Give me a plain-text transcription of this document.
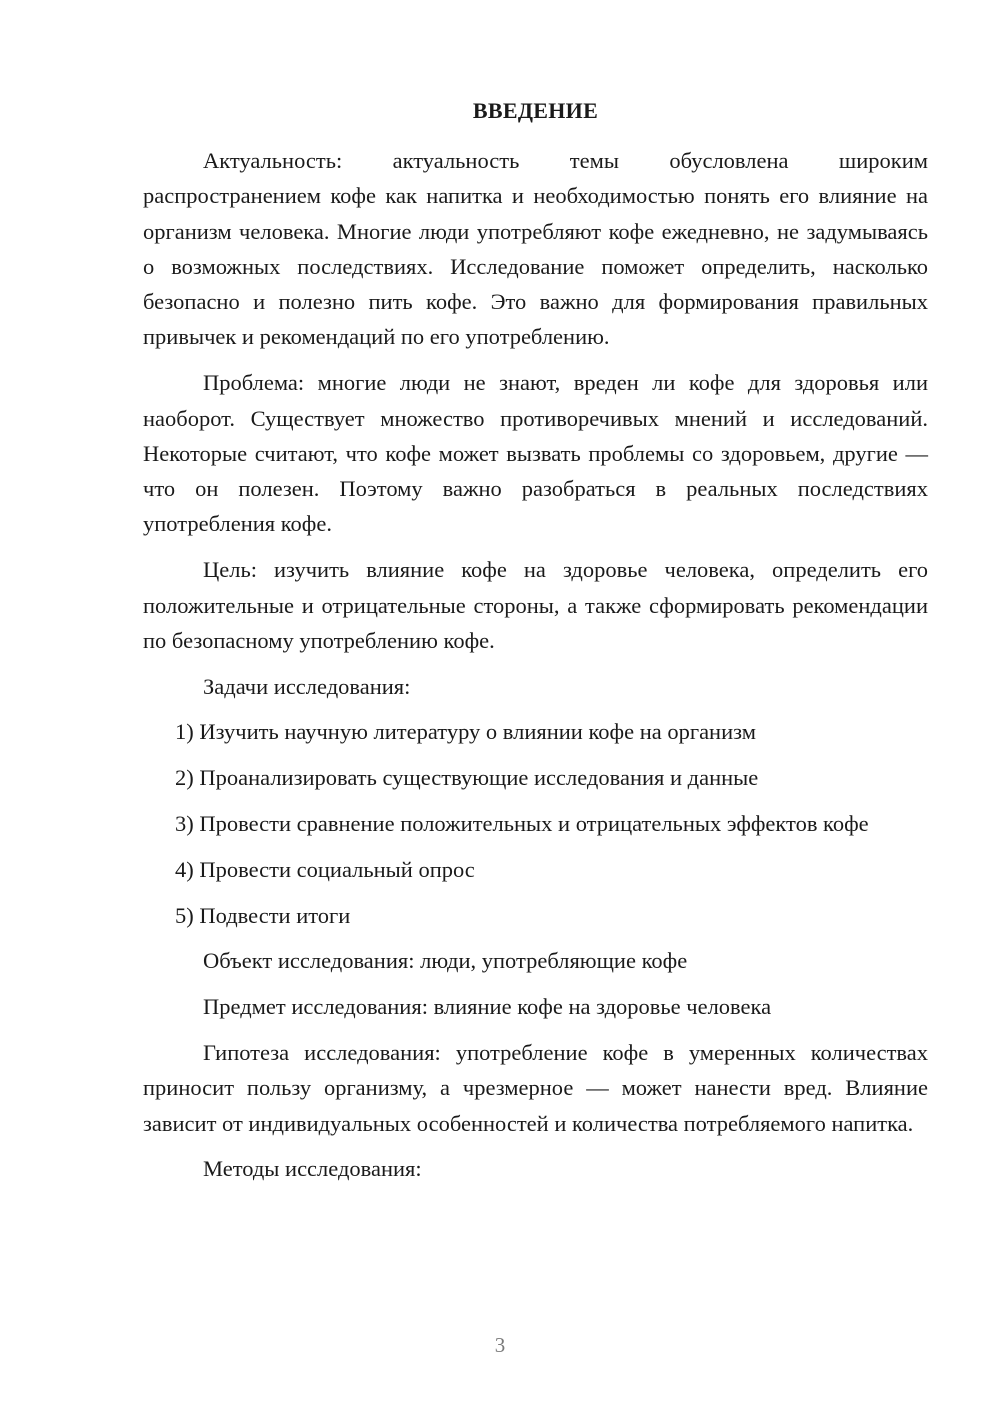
ВВЕДЕНИЕ

Актуальность: актуальность темы обусловлена широким распространением кофе как напитка и необходимостью понять его влияние на организм человека. Многие люди употребляют кофе ежедневно, не задумываясь о возможных последствиях. Исследование поможет определить, насколько безопасно и полезно пить кофе. Это важно для формирования правильных привычек и рекомендаций по его употреблению.

Проблема: многие люди не знают, вреден ли кофе для здоровья или наоборот. Существует множество противоречивых мнений и исследований. Некоторые считают, что кофе может вызвать проблемы со здоровьем, другие — что он полезен. Поэтому важно разобраться в реальных последствиях употребления кофе.

Цель: изучить влияние кофе на здоровье человека, определить его положительные и отрицательные стороны, а также сформировать рекомендации по безопасному употреблению кофе.

Задачи исследования:

1) Изучить научную литературу о влиянии кофе на организм

2) Проанализировать существующие исследования и данные

3) Провести сравнение положительных и отрицательных эффектов кофе

4) Провести социальный опрос

5) Подвести итоги

Объект исследования: люди, употребляющие кофе

Предмет исследования: влияние кофе на здоровье человека

Гипотеза исследования: употребление кофе в умеренных количествах приносит пользу организму, а чрезмерное — может нанести вред. Влияние зависит от индивидуальных особенностей и количества потребляемого напитка.

Методы исследования:

3
